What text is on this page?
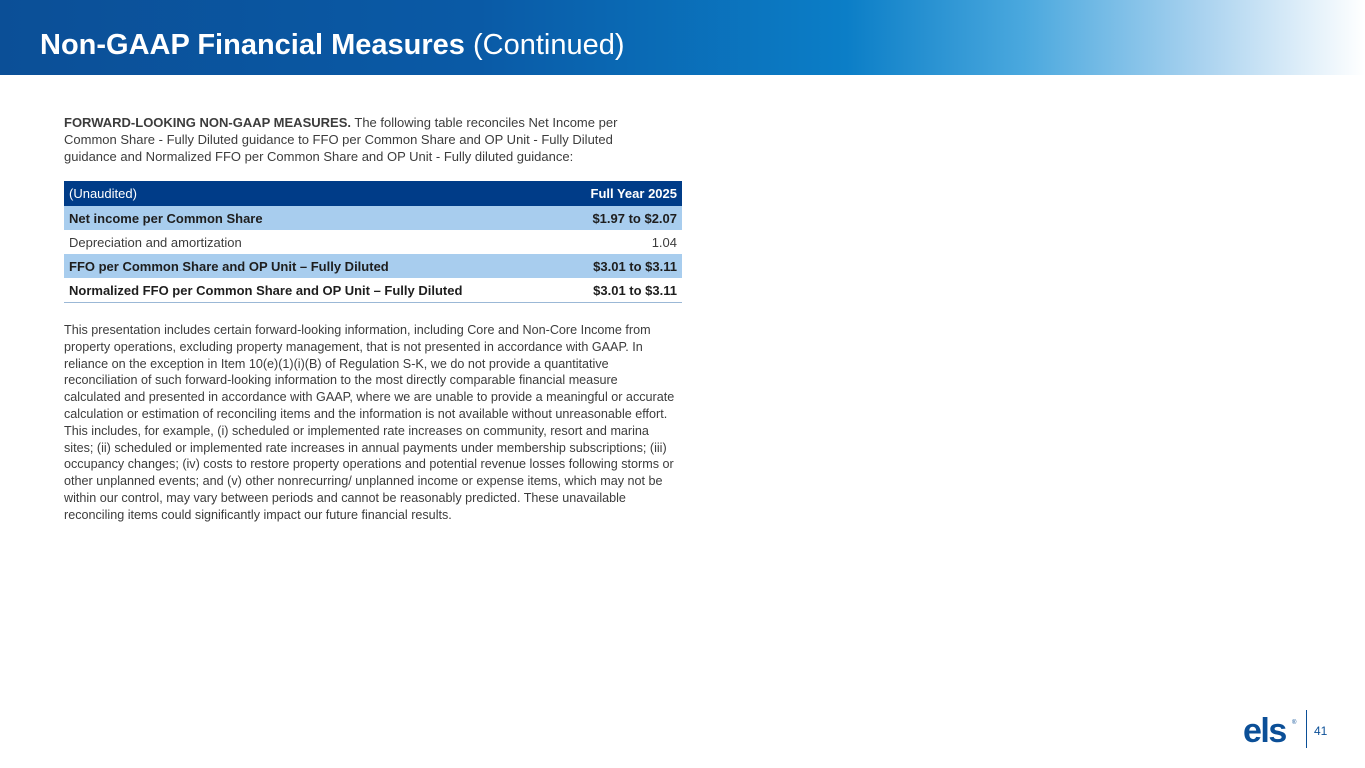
Non-GAAP Financial Measures (Continued)
FORWARD-LOOKING NON-GAAP MEASURES. The following table reconciles Net Income per Common Share - Fully Diluted guidance to FFO per Common Share and OP Unit - Fully Diluted guidance and Normalized FFO per Common Share and OP Unit - Fully diluted guidance:
(Unaudited)	Full Year 2025
Net income per Common Share	$1.97 to $2.07
Depreciation and amortization	1.04
FFO per Common Share and OP Unit – Fully Diluted	$3.01 to $3.11
Normalized FFO per Common Share and OP Unit – Fully Diluted	$3.01 to $3.11
This presentation includes certain forward-looking information, including Core and Non-Core Income from property operations, excluding property management, that is not presented in accordance with GAAP. In reliance on the exception in Item 10(e)(1)(i)(B) of Regulation S-K, we do not provide a quantitative reconciliation of such forward-looking information to the most directly comparable financial measure calculated and presented in accordance with GAAP, where we are unable to provide a meaningful or accurate calculation or estimation of reconciling items and the information is not available without unreasonable effort. This includes, for example, (i) scheduled or implemented rate increases on community, resort and marina sites; (ii) scheduled or implemented rate increases in annual payments under membership subscriptions; (iii) occupancy changes; (iv) costs to restore property operations and potential revenue losses following storms or other unplanned events; and (v) other nonrecurring/ unplanned income or expense items, which may not be within our control, may vary between periods and cannot be reasonably predicted. These unavailable reconciling items could significantly impact our future financial results.
els ®
41
